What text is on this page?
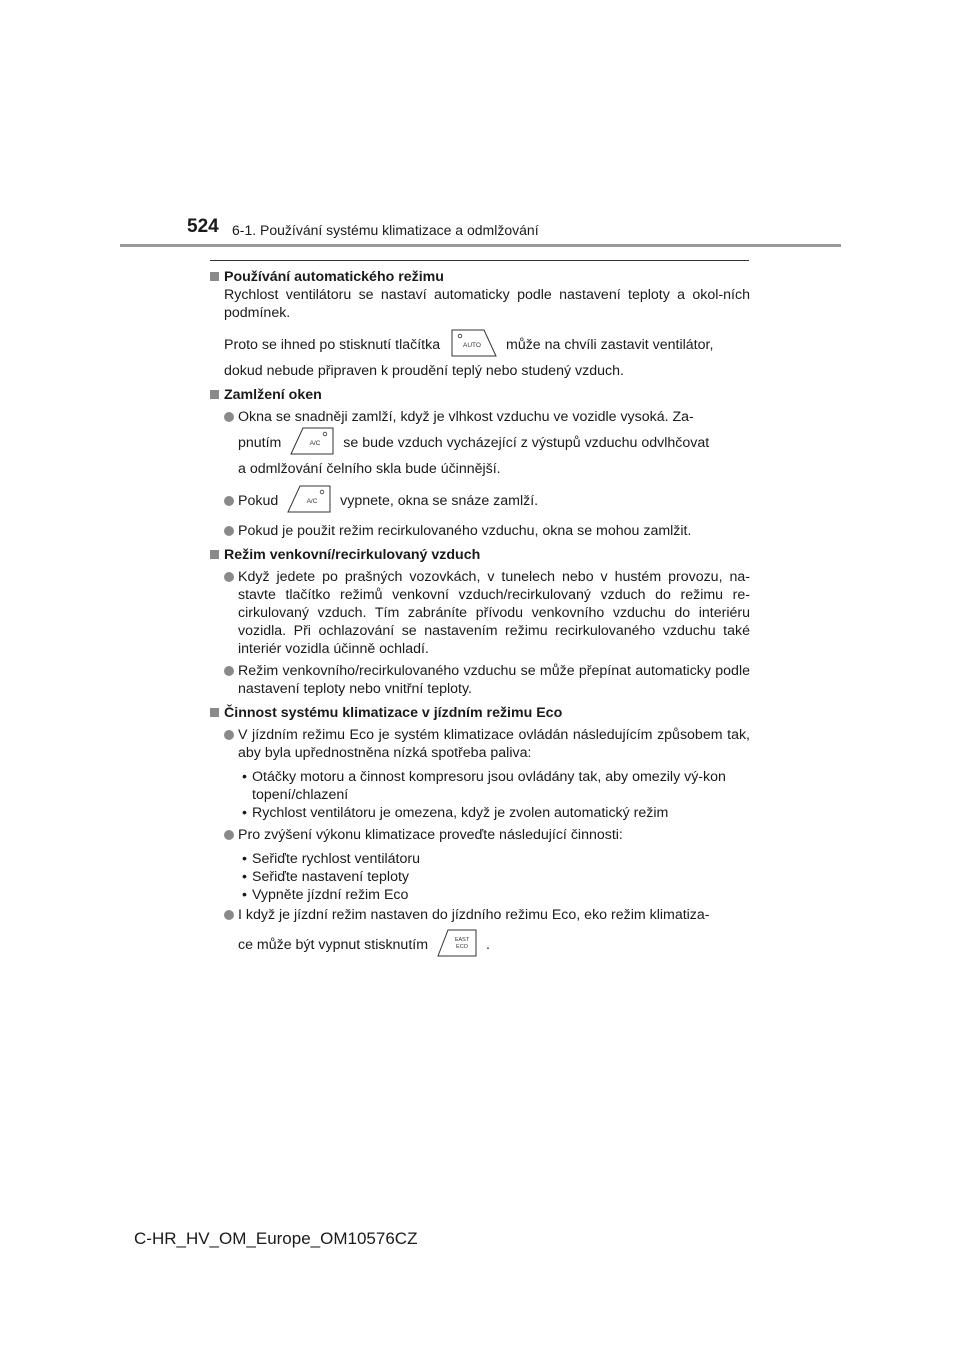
524 6-1. Používání systému klimatizace a odmlžování
Používání automatického režimu
Rychlost ventilátoru se nastaví automaticky podle nastavení teploty a okol-ních podmínek.
Proto se ihned po stisknutí tlačítka	AUTO může na chvíli zastavit ventilátor,
dokud nebude připraven k proudění teplý nebo studený vzduch.
Zamlžení oken
Okna se snadněji zamlží, když je vlhkost vzduchu ve vozidle vysoká. Za-
pnutím	A/C se bude vzduch vycházející z výstupů vzduchu odvlhčovat
a odmlžování čelního skla bude účinnější.
Pokud	A/C vypnete, okna se snáze zamlží.
Pokud je použit režim recirkulovaného vzduchu, okna se mohou zamlžit.
Režim venkovní/recirkulovaný vzduch
Když jedete po prašných vozovkách, v tunelech nebo v hustém provozu, na-stavte tlačítko režimů venkovní vzduch/recirkulovaný vzduch do režimu re-cirkulovaný vzduch. Tím zabráníte přívodu venkovního vzduchu do interiéru vozidla. Při ochlazování se nastavením režimu recirkulovaného vzduchu také interiér vozidla účinně ochladí.
Režim venkovního/recirkulovaného vzduchu se může přepínat automaticky podle nastavení teploty nebo vnitřní teploty.
Činnost systému klimatizace v jízdním režimu Eco
V jízdním režimu Eco je systém klimatizace ovládán následujícím způsobem tak, aby byla upřednostněna nízká spotřeba paliva:
• Otáčky motoru a činnost kompresoru jsou ovládány tak, aby omezily vý-kon topení/chlazení
• Rychlost ventilátoru je omezena, když je zvolen automatický režim
Pro zvýšení výkonu klimatizace proveďte následující činnosti:
• Seřiďte rychlost ventilátoru
• Seřiďte nastavení teploty
• Vypněte jízdní režim Eco
I když je jízdní režim nastaven do jízdního režimu Eco, eko režim klimatiza-
ce může být vypnut stisknutím	EAST
ECO .
C-HR_HV_OM_Europe_OM10576CZ
